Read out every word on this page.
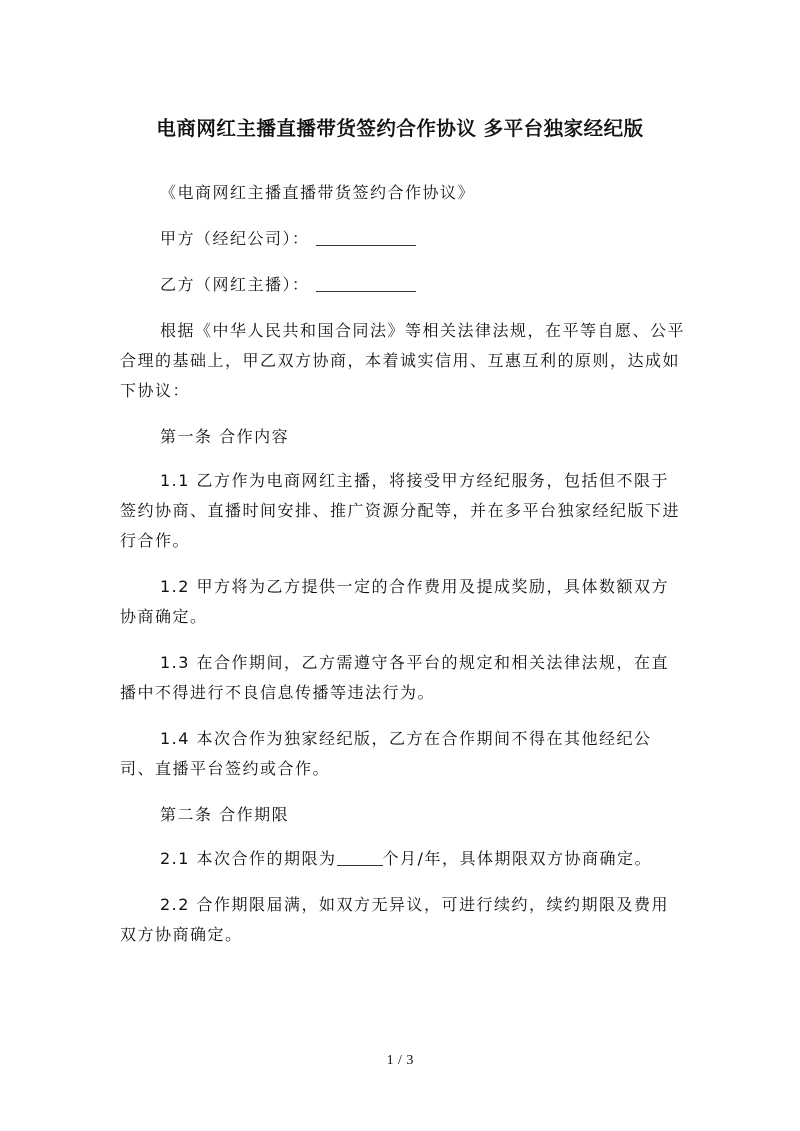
电商网红主播直播带货签约合作协议 多平台独家经纪版

《电商网红主播直播带货签约合作协议》

甲方（经纪公司）：

乙方（网红主播）：

根据《中华人民共和国合同法》等相关法律法规，在平等自愿、公平合理的基础上，甲乙双方协商，本着诚实信用、互惠互利的原则，达成如下协议：

第一条 合作内容

1.1 乙方作为电商网红主播，将接受甲方经纪服务，包括但不限于签约协商、直播时间安排、推广资源分配等，并在多平台独家经纪版下进行合作。

1.2 甲方将为乙方提供一定的合作费用及提成奖励，具体数额双方协商确定。

1.3 在合作期间，乙方需遵守各平台的规定和相关法律法规，在直播中不得进行不良信息传播等违法行为。

1.4 本次合作为独家经纪版，乙方在合作期间不得在其他经纪公司、直播平台签约或合作。

第二条 合作期限

2.1 本次合作的期限为	个月/年，具体期限双方协商确定。

2.2 合作期限届满，如双方无异议，可进行续约，续约期限及费用双方协商确定。

1 / 3
